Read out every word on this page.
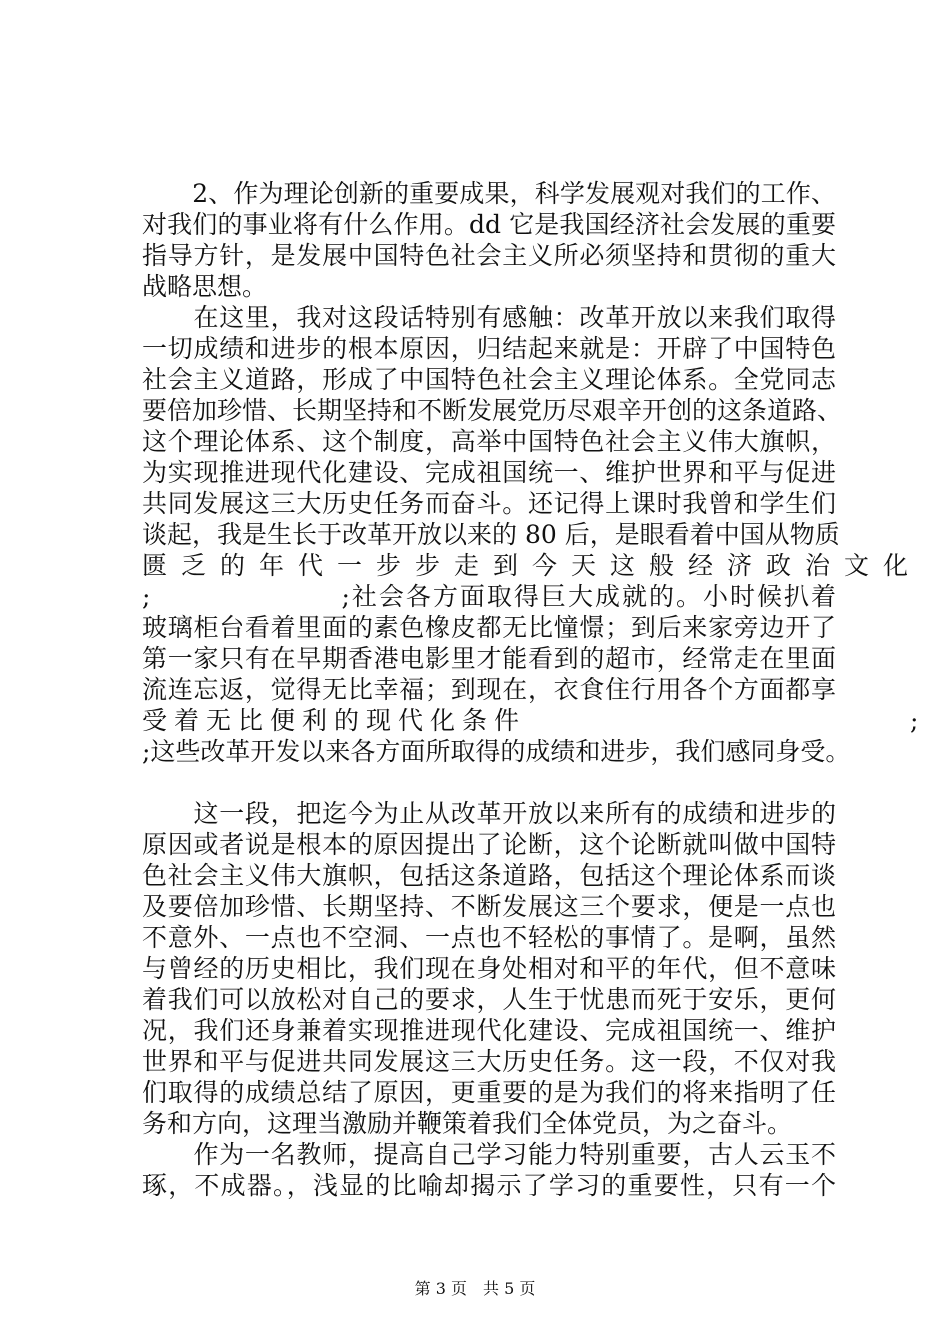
　　2、作为理论创新的重要成果，科学发展观对我们的工作、
对我们的事业将有什么作用。dd 它是我国经济社会发展的重要
指导方针，是发展中国特色社会主义所必须坚持和贯彻的重大
战略思想。
　　在这里，我对这段话特别有感触：改革开放以来我们取得
一切成绩和进步的根本原因，归结起来就是：开辟了中国特色
社会主义道路，形成了中国特色社会主义理论体系。全党同志
要倍加珍惜、长期坚持和不断发展党历尽艰辛开创的这条道路、
这个理论体系、这个制度，高举中国特色社会主义伟大旗帜，
为实现推进现代化建设、完成祖国统一、维护世界和平与促进
共同发展这三大历史任务而奋斗。还记得上课时我曾和学生们
谈起，我是生长于改革开放以来的 80 后，是眼看着中国从物质
匮乏的年代一步步走到今天这般经济政治文化
;　　　　　　　;社会各方面取得巨大成就的。小时候扒着
玻璃柜台看着里面的素色橡皮都无比憧憬；到后来家旁边开了
第一家只有在早期香港电影里才能看到的超市，经常走在里面
流连忘返，觉得无比幸福；到现在，衣食住行用各个方面都享
受着无比便利的现代化条件　　　　　　　　　　　　;
;这些改革开发以来各方面所取得的成绩和进步，我们感同身受。
　　这一段，把迄今为止从改革开放以来所有的成绩和进步的
原因或者说是根本的原因提出了论断，这个论断就叫做中国特
色社会主义伟大旗帜，包括这条道路，包括这个理论体系而谈
及要倍加珍惜、长期坚持、不断发展这三个要求，便是一点也
不意外、一点也不空洞、一点也不轻松的事情了。是啊，虽然
与曾经的历史相比，我们现在身处相对和平的年代，但不意味
着我们可以放松对自己的要求，人生于忧患而死于安乐，更何
况，我们还身兼着实现推进现代化建设、完成祖国统一、维护
世界和平与促进共同发展这三大历史任务。这一段，不仅对我
们取得的成绩总结了原因，更重要的是为我们的将来指明了任
务和方向，这理当激励并鞭策着我们全体党员，为之奋斗。
　　作为一名教师，提高自己学习能力特别重要，古人云玉不
琢，不成器。，浅显的比喻却揭示了学习的重要性，只有一个
第 3 页　共 5 页
